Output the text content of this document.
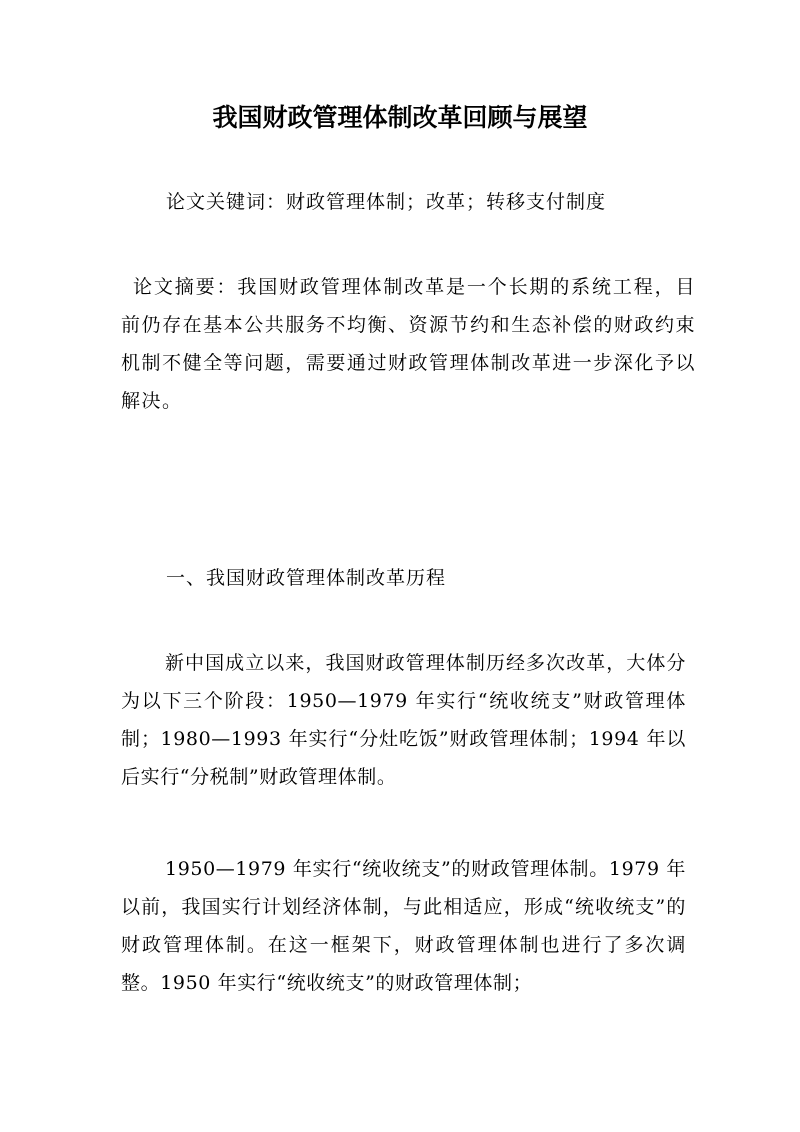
我国财政管理体制改革回顾与展望
论文关键词：财政管理体制；改革；转移支付制度
论文摘要：我国财政管理体制改革是一个长期的系统工程，目前仍存在基本公共服务不均衡、资源节约和生态补偿的财政约束机制不健全等问题，需要通过财政管理体制改革进一步深化予以解决。
一、我国财政管理体制改革历程
新中国成立以来，我国财政管理体制历经多次改革，大体分为以下三个阶段：1950—1979 年实行“统收统支”财政管理体制；1980—1993 年实行“分灶吃饭”财政管理体制；1994 年以后实行“分税制”财政管理体制。
1950—1979 年实行“统收统支”的财政管理体制。1979 年以前，我国实行计划经济体制，与此相适应，形成“统收统支”的财政管理体制。在这一框架下，财政管理体制也进行了多次调整。1950 年实行“统收统支”的财政管理体制；
